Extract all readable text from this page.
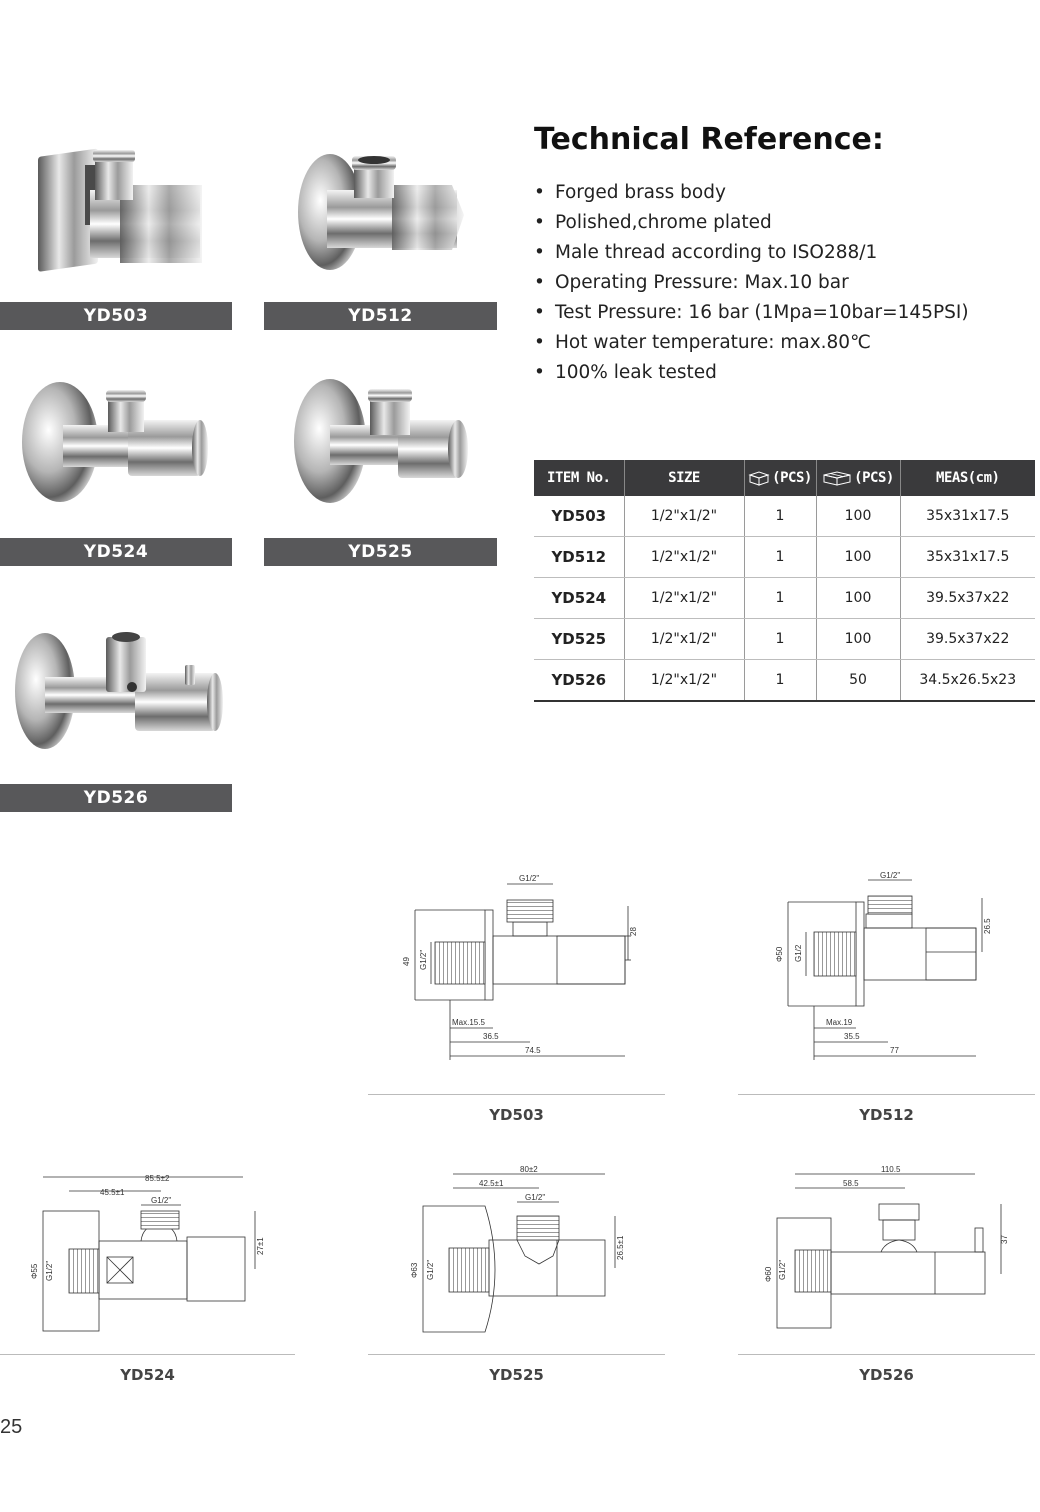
YD503	YD512
YD524	YD525
YD526
Technical Reference:
• Forged brass body
• Polished,chrome plated
• Male thread according to ISO288/1
• Operating Pressure: Max.10 bar
• Test Pressure: 16 bar (1Mpa=10bar=145PSI)
• Hot water temperature: max.80℃
• 100% leak tested
ITEM No.	SIZE	(PCS)	(PCS)	MEAS(cm)
YD503	1/2"x1/2"	1	100	35x31x17.5
YD512	1/2"x1/2"	1	100	35x31x17.5
YD524	1/2"x1/2"	1	100	39.5x37x22
YD525	1/2"x1/2"	1	100	39.5x37x22
YD526	1/2"x1/2"	1	50	34.5x26.5x23
G1/2"
49 G1/2"
28
Max.15.5
36.5
74.5
YD503
G1/2"
Φ50 G1/2
26.5
Max.19
35.5
77
YD512
85.5±2
45.5±1
G1/2"
Φ55 G1/2"
27±1
YD524
80±2
42.5±1
G1/2"
Φ63 G1/2"
26.5±1
YD525
110.5
58.5
Φ60 G1/2"
37
YD526
25
